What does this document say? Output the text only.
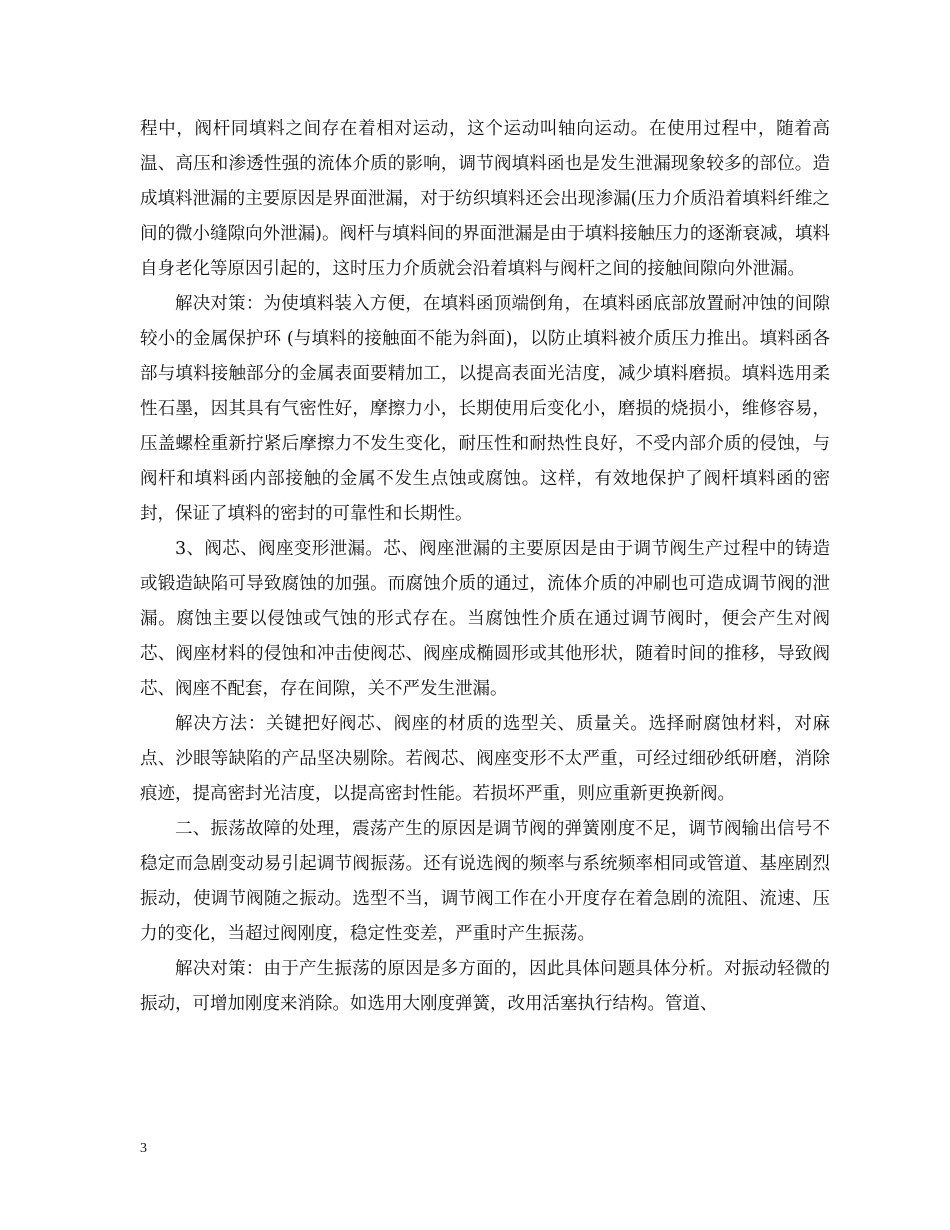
程中，阀杆同填料之间存在着相对运动，这个运动叫轴向运动。在使用过程中，随着高温、高压和渗透性强的流体介质的影响，调节阀填料函也是发生泄漏现象较多的部位。造成填料泄漏的主要原因是界面泄漏，对于纺织填料还会出现渗漏(压力介质沿着填料纤维之间的微小缝隙向外泄漏)。阀杆与填料间的界面泄漏是由于填料接触压力的逐渐衰减，填料自身老化等原因引起的，这时压力介质就会沿着填料与阀杆之间的接触间隙向外泄漏。

解决对策：为使填料装入方便，在填料函顶端倒角，在填料函底部放置耐冲蚀的间隙较小的金属保护环 (与填料的接触面不能为斜面)，以防止填料被介质压力推出。填料函各部与填料接触部分的金属表面要精加工，以提高表面光洁度，减少填料磨损。填料选用柔性石墨，因其具有气密性好，摩擦力小，长期使用后变化小，磨损的烧损小，维修容易，压盖螺栓重新拧紧后摩擦力不发生变化，耐压性和耐热性良好，不受内部介质的侵蚀，与阀杆和填料函内部接触的金属不发生点蚀或腐蚀。这样，有效地保护了阀杆填料函的密封，保证了填料的密封的可靠性和长期性。

3、阀芯、阀座变形泄漏。芯、阀座泄漏的主要原因是由于调节阀生产过程中的铸造或锻造缺陷可导致腐蚀的加强。而腐蚀介质的通过，流体介质的冲刷也可造成调节阀的泄漏。腐蚀主要以侵蚀或气蚀的形式存在。当腐蚀性介质在通过调节阀时，便会产生对阀芯、阀座材料的侵蚀和冲击使阀芯、阀座成椭圆形或其他形状，随着时间的推移，导致阀芯、阀座不配套，存在间隙，关不严发生泄漏。

解决方法：关键把好阀芯、阀座的材质的选型关、质量关。选择耐腐蚀材料，对麻点、沙眼等缺陷的产品坚决剔除。若阀芯、阀座变形不太严重，可经过细砂纸研磨，消除痕迹，提高密封光洁度，以提高密封性能。若损坏严重，则应重新更换新阀。

二、振荡故障的处理，震荡产生的原因是调节阀的弹簧刚度不足，调节阀输出信号不稳定而急剧变动易引起调节阀振荡。还有说选阀的频率与系统频率相同或管道、基座剧烈振动，使调节阀随之振动。选型不当，调节阀工作在小开度存在着急剧的流阻、流速、压力的变化，当超过阀刚度，稳定性变差，严重时产生振荡。

解决对策：由于产生振荡的原因是多方面的，因此具体问题具体分析。对振动轻微的振动，可增加刚度来消除。如选用大刚度弹簧，改用活塞执行结构。管道、

3
